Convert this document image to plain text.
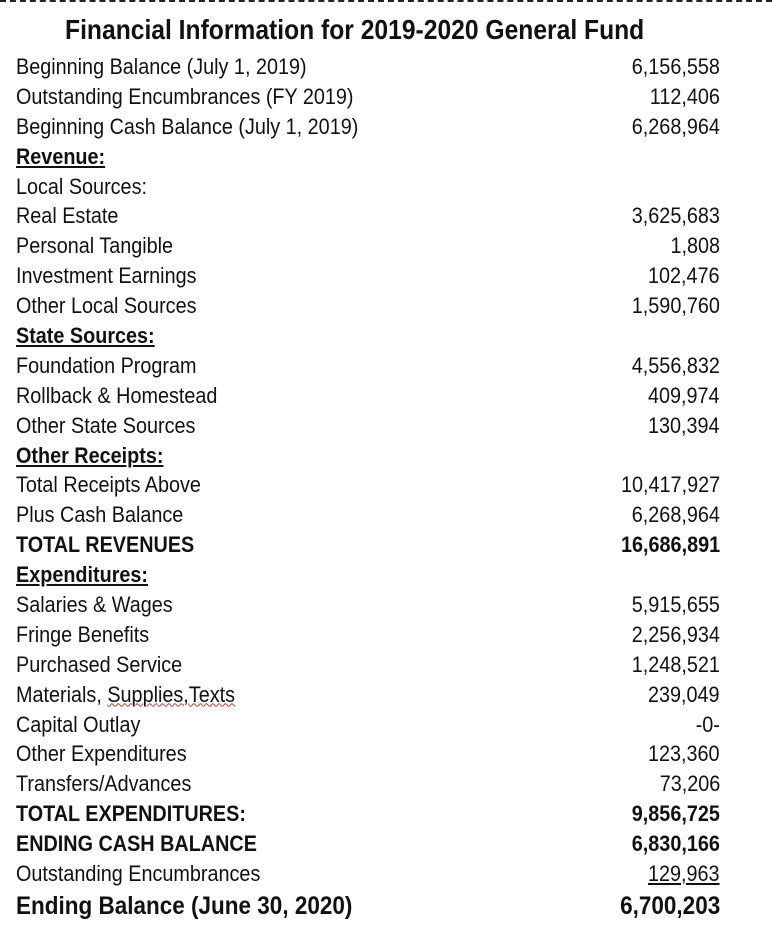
Financial Information for 2019-2020 General Fund
Beginning Balance (July 1, 2019)	6,156,558
Outstanding Encumbrances (FY 2019)	112,406
Beginning Cash Balance (July 1, 2019)	6,268,964
Revenue:
Local Sources:
Real Estate	3,625,683
Personal Tangible	1,808
Investment Earnings	102,476
Other Local Sources	1,590,760
State Sources:
Foundation Program	4,556,832
Rollback & Homestead	409,974
Other State Sources	130,394
Other Receipts:
Total Receipts Above	10,417,927
Plus Cash Balance	6,268,964
TOTAL REVENUES	16,686,891
Expenditures:
Salaries & Wages	5,915,655
Fringe Benefits	2,256,934
Purchased Service	1,248,521
Materials, Supplies,Texts	239,049
Capital Outlay	-0-
Other Expenditures	123,360
Transfers/Advances	73,206
TOTAL EXPENDITURES:	9,856,725
ENDING CASH BALANCE	6,830,166
Outstanding Encumbrances	129,963
Ending Balance (June 30, 2020)	6,700,203
